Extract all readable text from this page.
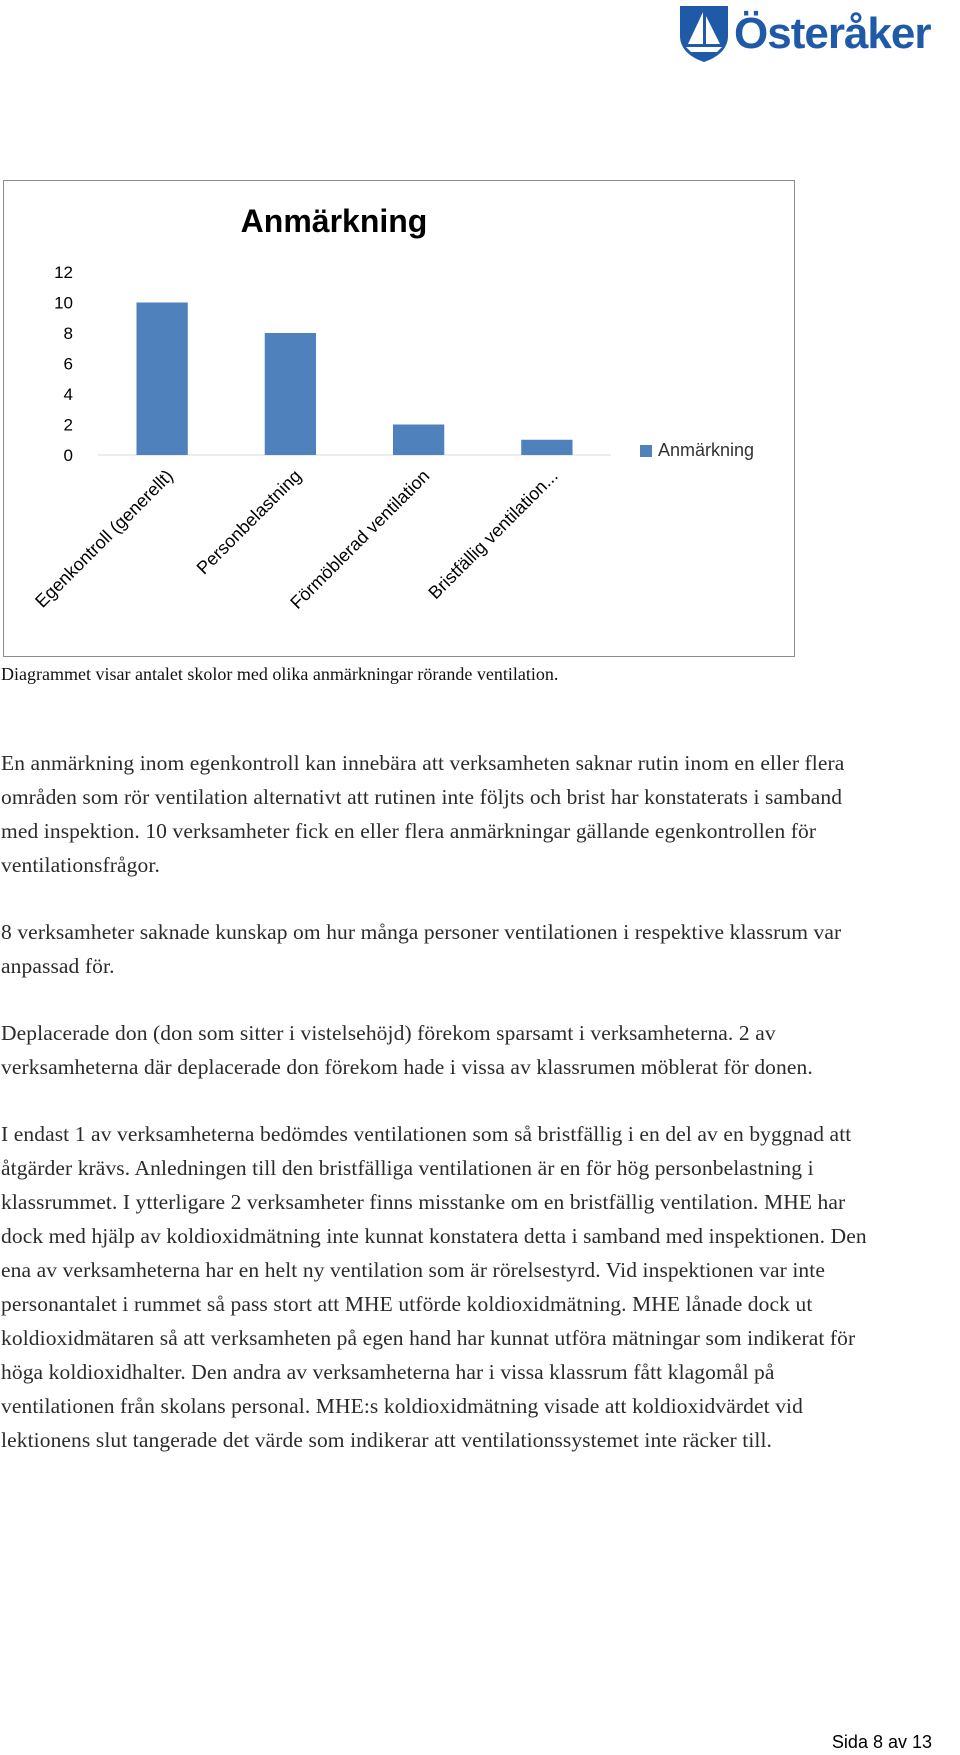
Österåker
Anmärkning
0
2
4
6
8
10
12
Egenkontroll (generellt) Personbelastning
Förmöblerad ventilation
Bristfällig ventilation...
Anmärkning

Diagrammet visar antalet skolor med olika anmärkningar rörande ventilation.

En anmärkning inom egenkontroll kan innebära att verksamheten saknar rutin inom en eller flera områden som rör ventilation alternativt att rutinen inte följts och brist har konstaterats i samband med inspektion. 10 verksamheter fick en eller flera anmärkningar gällande egenkontrollen för ventilationsfrågor.

8 verksamheter saknade kunskap om hur många personer ventilationen i respektive klassrum var anpassad för.

Deplacerade don (don som sitter i vistelsehöjd) förekom sparsamt i verksamheterna. 2 av verksamheterna där deplacerade don förekom hade i vissa av klassrumen möblerat för donen.

I endast 1 av verksamheterna bedömdes ventilationen som så bristfällig i en del av en byggnad att åtgärder krävs. Anledningen till den bristfälliga ventilationen är en för hög personbelastning i klassrummet. I ytterligare 2 verksamheter finns misstanke om en bristfällig ventilation. MHE har dock med hjälp av koldioxidmätning inte kunnat konstatera detta i samband med inspektionen. Den ena av verksamheterna har en helt ny ventilation som är rörelsestyrd. Vid inspektionen var inte personantalet i rummet så pass stort att MHE utförde koldioxidmätning. MHE lånade dock ut koldioxidmätaren så att verksamheten på egen hand har kunnat utföra mätningar som indikerat för höga koldioxidhalter. Den andra av verksamheterna har i vissa klassrum fått klagomål på ventilationen från skolans personal. MHE:s koldioxidmätning visade att koldioxidvärdet vid lektionens slut tangerade det värde som indikerar att ventilationssystemet inte räcker till.

Sida 8 av 13
